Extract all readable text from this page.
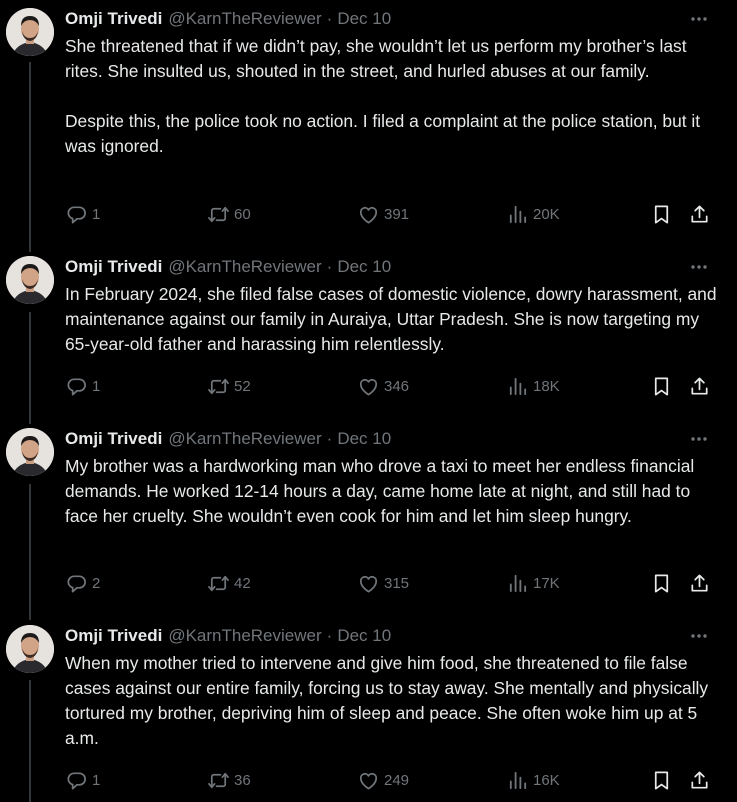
Omji Trivedi @KarnTheReviewer · Dec 10

She threatened that if we didn’t pay, she wouldn’t let us perform my brother’s last rites. She insulted us, shouted in the street, and hurled abuses at our family.

Despite this, the police took no action. I filed a complaint at the police station, but it was ignored.

1	60	391	20K
Omji Trivedi @KarnTheReviewer · Dec 10

In February 2024, she filed false cases of domestic violence, dowry harassment, and maintenance against our family in Auraiya, Uttar Pradesh. She is now targeting my 65-year-old father and harassing him relentlessly.

1	52	346	18K
Omji Trivedi @KarnTheReviewer · Dec 10

My brother was a hardworking man who drove a taxi to meet her endless financial demands. He worked 12-14 hours a day, came home late at night, and still had to face her cruelty. She wouldn’t even cook for him and let him sleep hungry.

2	42	315	17K
Omji Trivedi @KarnTheReviewer · Dec 10

When my mother tried to intervene and give him food, she threatened to file false cases against our entire family, forcing us to stay away. She mentally and physically tortured my brother, depriving him of sleep and peace. She often woke him up at 5 a.m.

1	36	249	16K
